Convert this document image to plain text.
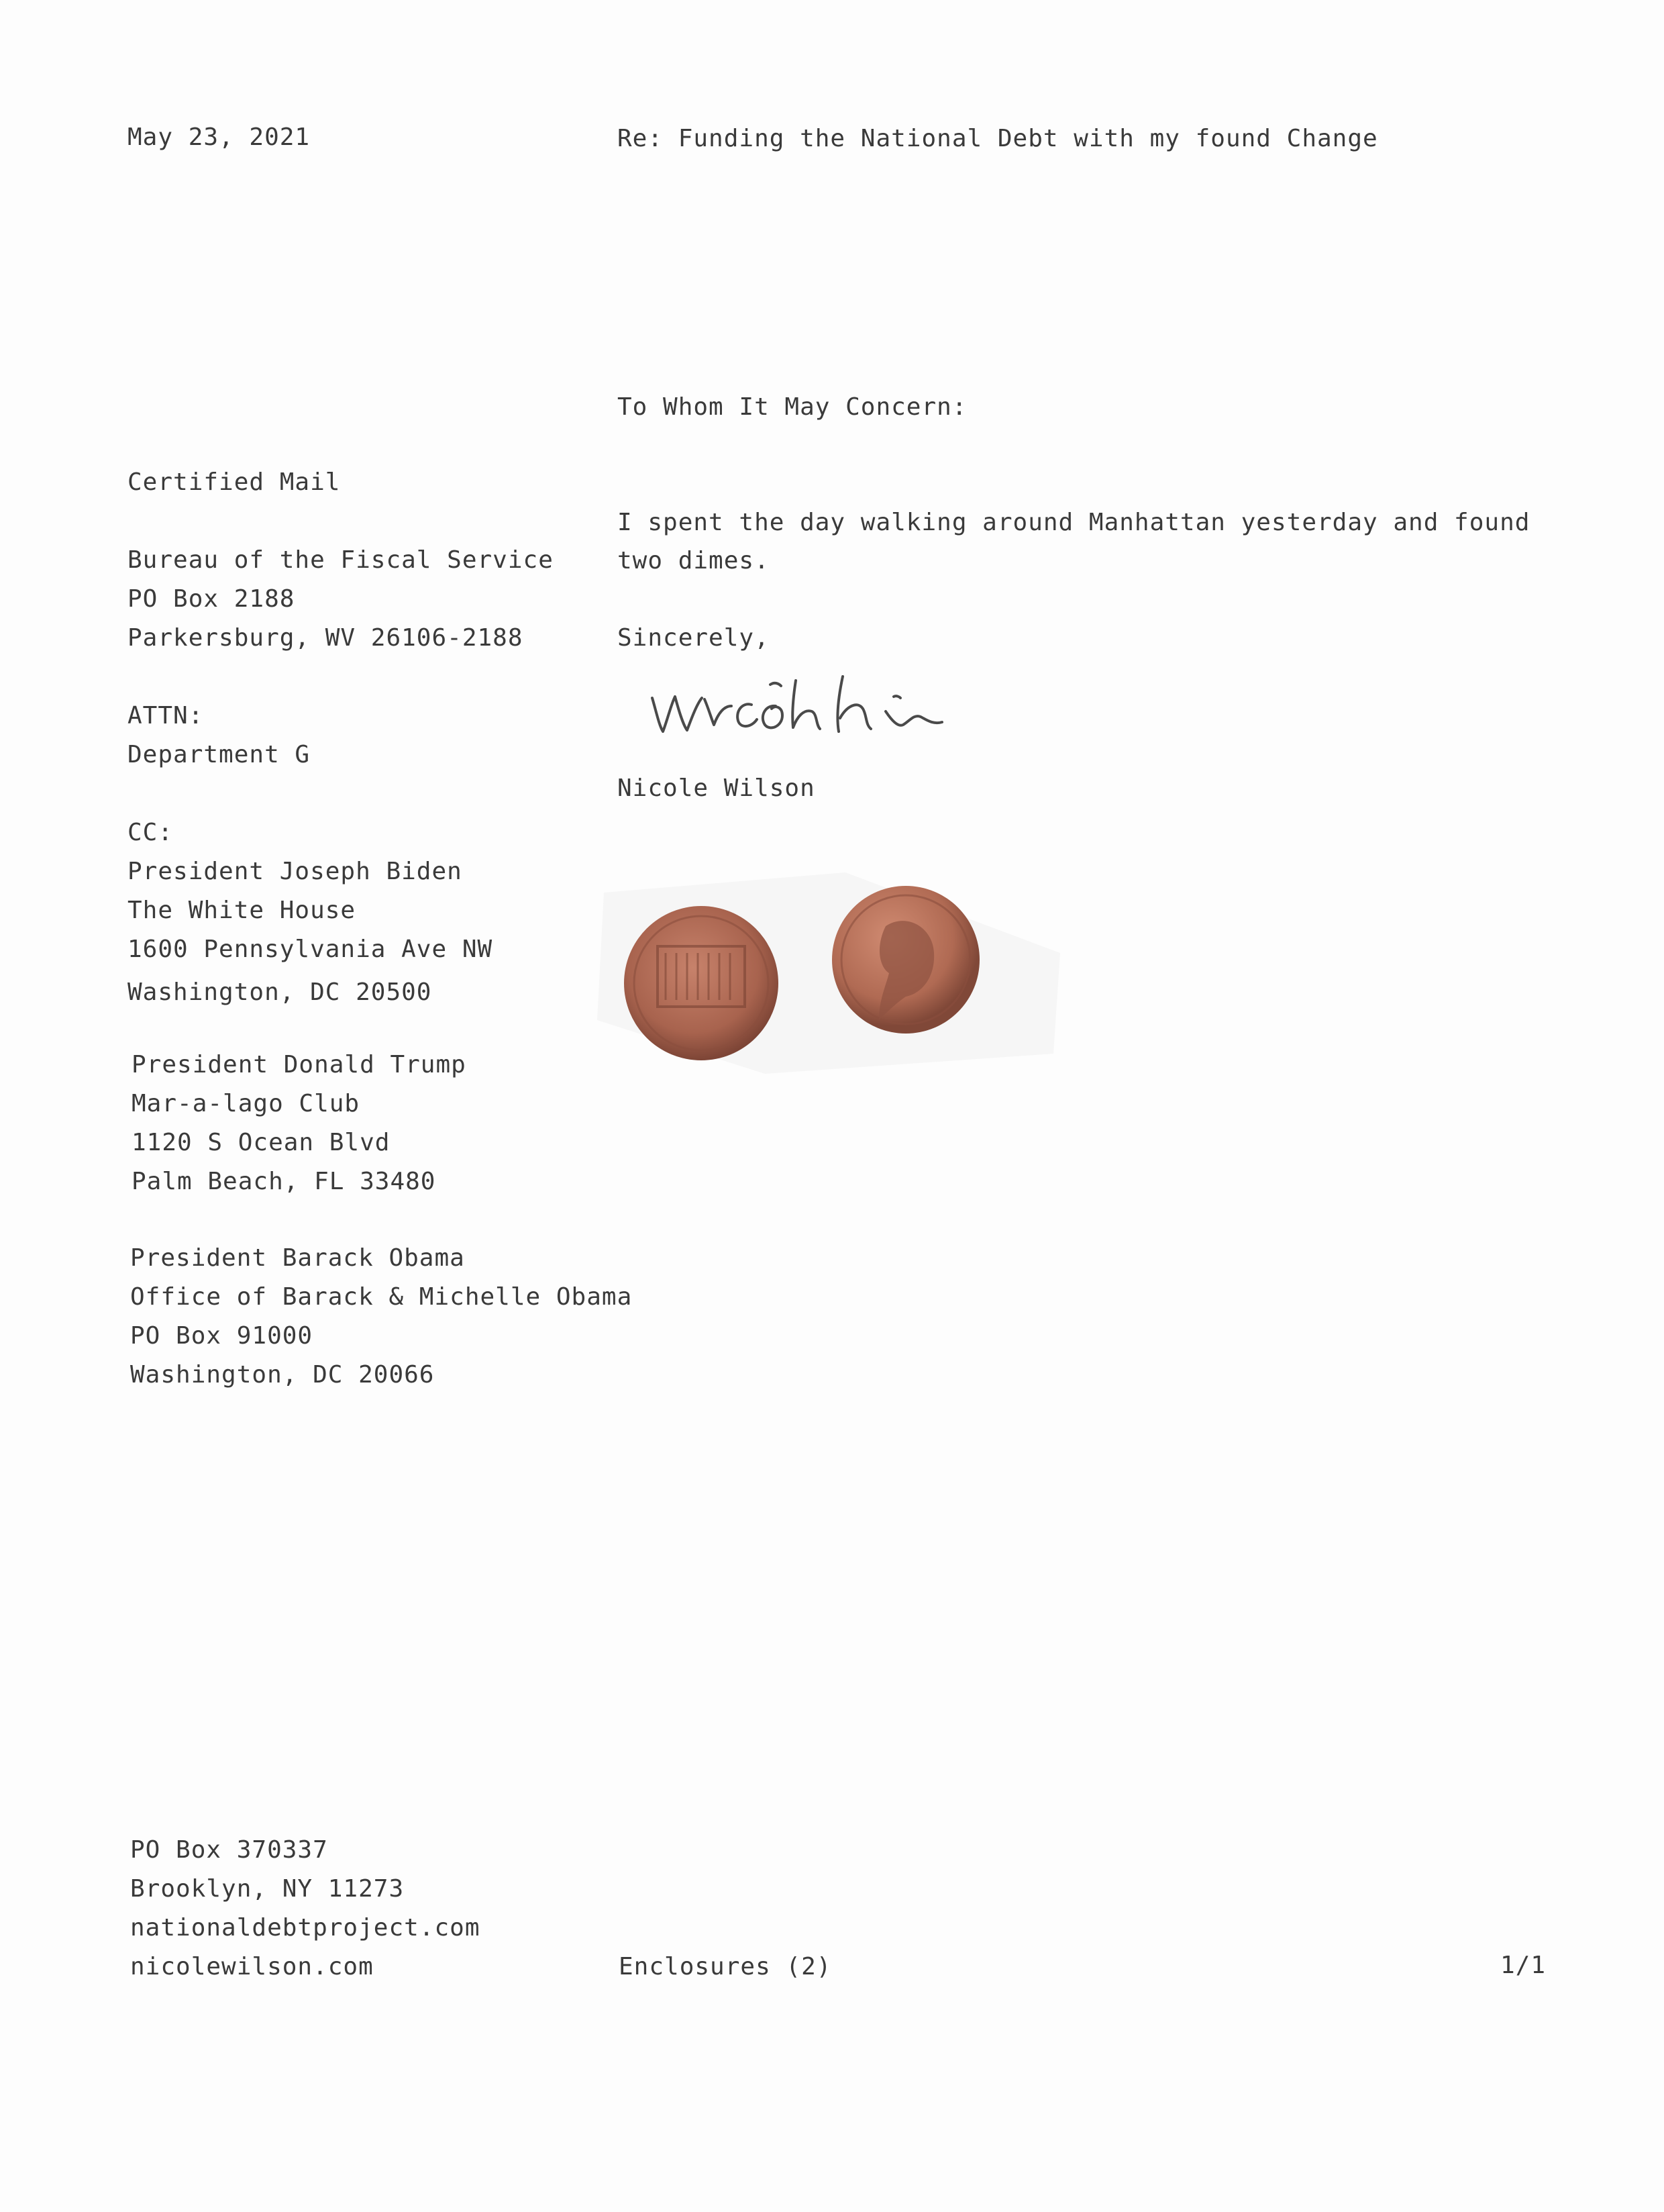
May 23, 2021	Re: Funding the National Debt with my found Change
To Whom It May Concern:
Certified Mail

Bureau of the Fiscal Service
PO Box 2188
Parkersburg, WV 26106-2188

ATTN:
Department G

CC:
President Joseph Biden
The White House
1600 Pennsylvania Ave NW
Washington, DC 20500
President Donald Trump
Mar-a-lago Club
1120 S Ocean Blvd
Palm Beach, FL 33480
President Barack Obama
Office of Barack & Michelle Obama
PO Box 91000
Washington, DC 20066
I spent the day walking around Manhattan yesterday and found two dimes.
Sincerely,
Nicole Wilson
PO Box 370337
Brooklyn, NY 11273
nationaldebtproject.com
nicolewilson.com	Enclosures (2)	1/1
